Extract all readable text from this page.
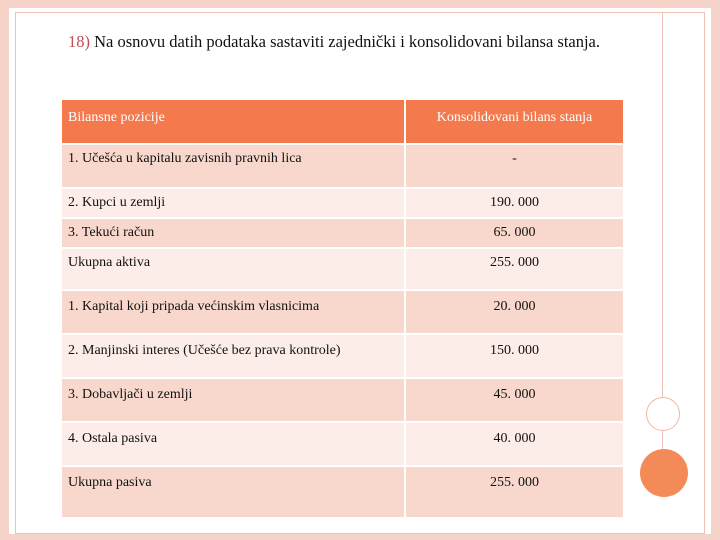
18) Na osnovu datih podataka sastaviti zajednički i konsolidovani bilansa stanja.
Bilansne pozicije	Konsolidovani bilans stanja
1. Učešća u kapitalu zavisnih pravnih lica	-
2. Kupci u zemlji	190. 000
3. Tekući račun	65. 000
Ukupna aktiva	255. 000
1. Kapital koji pripada većinskim vlasnicima	20. 000
2. Manjinski interes (Učešće bez prava kontrole)	150. 000
3. Dobavljači u zemlji	45. 000
4. Ostala pasiva	40. 000
Ukupna pasiva	255. 000
